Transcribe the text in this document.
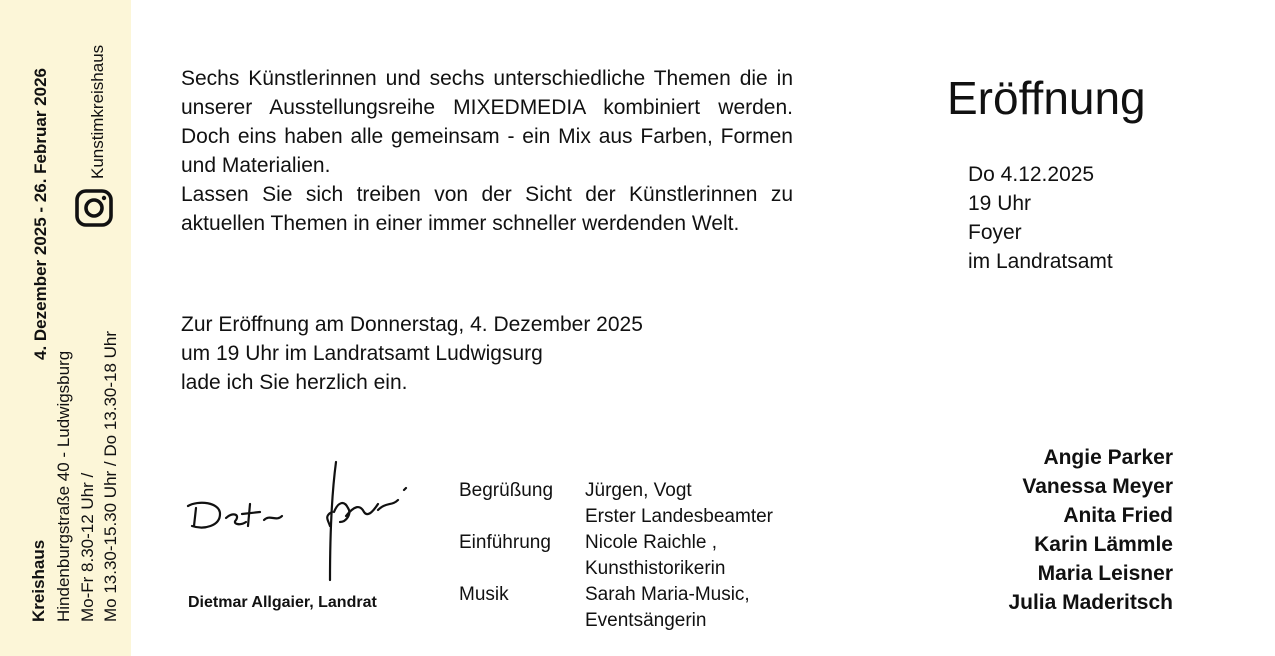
4. Dezember 2025 - 26. Februar 2026 Kunstimkreishaus
Kreishaus Hindenburgstraße 40 - Ludwigsburg Mo-Fr 8.30-12 Uhr / Mo 13.30-15.30 Uhr / Do 13.30-18 Uhr

Sechs Künstlerinnen und sechs unterschiedliche Themen die in unserer Ausstellungsreihe MIXEDMEDIA kombiniert werden. Doch eins haben alle gemeinsam - ein Mix aus Farben, Formen und Materialien.

Lassen Sie sich treiben von der Sicht der Künstlerinnen zu aktuellen Themen in einer immer schneller werdenden Welt.

Zur Eröffnung am Donnerstag, 4. Dezember 2025
um 19 Uhr im Landratsamt Ludwigsurg
lade ich Sie herzlich ein.
Dietmar Allgaier, Landrat
Begrüßung	Jürgen, Vogt
Erster Landesbeamter
Einführung	Nicole Raichle ,
Kunsthistorikerin
Musik	Sarah Maria-Music,
Eventsängerin
Eröffnung
Do 4.12.2025
19 Uhr
Foyer
im Landratsamt
Angie Parker
Vanessa Meyer
Anita Fried
Karin Lämmle
Maria Leisner
Julia Maderitsch
